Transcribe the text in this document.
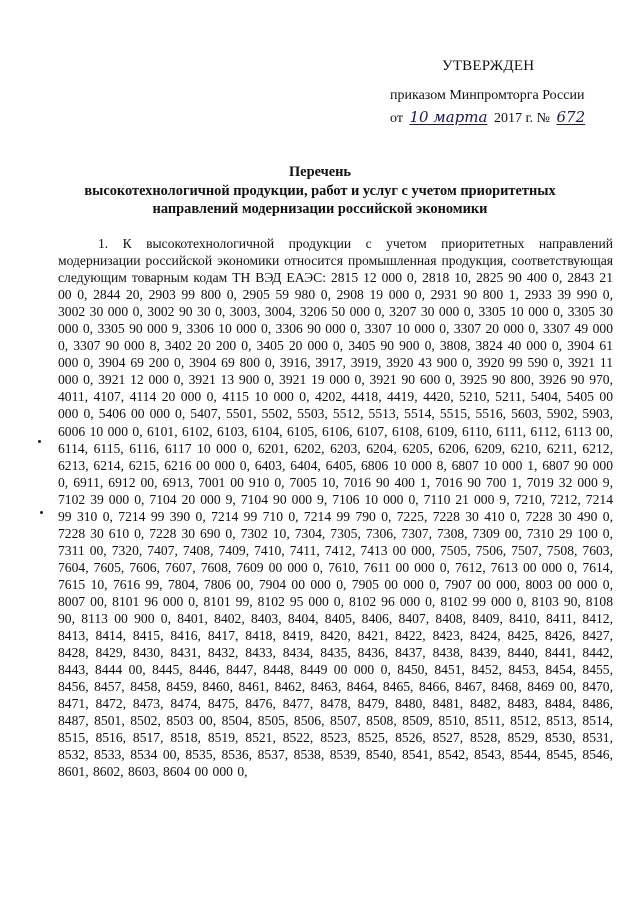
УТВЕРЖДЕН
приказом Минпромторга России
от 10 марта 2017 г. № 672
Перечень
высокотехнологичной продукции, работ и услуг с учетом приоритетных
направлений модернизации российской экономики
1. К высокотехнологичной продукции с учетом приоритетных направлений модернизации российской экономики относится промышленная продукция, соответствующая следующим товарным кодам ТН ВЭД ЕАЭС: 2815 12 000 0, 2818 10, 2825 90 400 0, 2843 21 00 0, 2844 20, 2903 99 800 0, 2905 59 980 0, 2908 19 000 0, 2931 90 800 1, 2933 39 990 0, 3002 30 000 0, 3002 90 30 0, 3003, 3004, 3206 50 000 0, 3207 30 000 0, 3305 10 000 0, 3305 30 000 0, 3305 90 000 9, 3306 10 000 0, 3306 90 000 0, 3307 10 000 0, 3307 20 000 0, 3307 49 000 0, 3307 90 000 8, 3402 20 200 0, 3405 20 000 0, 3405 90 900 0, 3808, 3824 40 000 0, 3904 61 000 0, 3904 69 200 0, 3904 69 800 0, 3916, 3917, 3919, 3920 43 900 0, 3920 99 590 0, 3921 11 000 0, 3921 12 000 0, 3921 13 900 0, 3921 19 000 0, 3921 90 600 0, 3925 90 800, 3926 90 970, 4011, 4107, 4114 20 000 0, 4115 10 000 0, 4202, 4418, 4419, 4420, 5210, 5211, 5404, 5405 00 000 0, 5406 00 000 0, 5407, 5501, 5502, 5503, 5512, 5513, 5514, 5515, 5516, 5603, 5902, 5903, 6006 10 000 0, 6101, 6102, 6103, 6104, 6105, 6106, 6107, 6108, 6109, 6110, 6111, 6112, 6113 00, 6114, 6115, 6116, 6117 10 000 0, 6201, 6202, 6203, 6204, 6205, 6206, 6209, 6210, 6211, 6212, 6213, 6214, 6215, 6216 00 000 0, 6403, 6404, 6405, 6806 10 000 8, 6807 10 000 1, 6807 90 000 0, 6911, 6912 00, 6913, 7001 00 910 0, 7005 10, 7016 90 400 1, 7016 90 700 1, 7019 32 000 9, 7102 39 000 0, 7104 20 000 9, 7104 90 000 9, 7106 10 000 0, 7110 21 000 9, 7210, 7212, 7214 99 310 0, 7214 99 390 0, 7214 99 710 0, 7214 99 790 0, 7225, 7228 30 410 0, 7228 30 490 0, 7228 30 610 0, 7228 30 690 0, 7302 10, 7304, 7305, 7306, 7307, 7308, 7309 00, 7310 29 100 0, 7311 00, 7320, 7407, 7408, 7409, 7410, 7411, 7412, 7413 00 000, 7505, 7506, 7507, 7508, 7603, 7604, 7605, 7606, 7607, 7608, 7609 00 000 0, 7610, 7611 00 000 0, 7612, 7613 00 000 0, 7614, 7615 10, 7616 99, 7804, 7806 00, 7904 00 000 0, 7905 00 000 0, 7907 00 000, 8003 00 000 0, 8007 00, 8101 96 000 0, 8101 99, 8102 95 000 0, 8102 96 000 0, 8102 99 000 0, 8103 90, 8108 90, 8113 00 900 0, 8401, 8402, 8403, 8404, 8405, 8406, 8407, 8408, 8409, 8410, 8411, 8412, 8413, 8414, 8415, 8416, 8417, 8418, 8419, 8420, 8421, 8422, 8423, 8424, 8425, 8426, 8427, 8428, 8429, 8430, 8431, 8432, 8433, 8434, 8435, 8436, 8437, 8438, 8439, 8440, 8441, 8442, 8443, 8444 00, 8445, 8446, 8447, 8448, 8449 00 000 0, 8450, 8451, 8452, 8453, 8454, 8455, 8456, 8457, 8458, 8459, 8460, 8461, 8462, 8463, 8464, 8465, 8466, 8467, 8468, 8469 00, 8470, 8471, 8472, 8473, 8474, 8475, 8476, 8477, 8478, 8479, 8480, 8481, 8482, 8483, 8484, 8486, 8487, 8501, 8502, 8503 00, 8504, 8505, 8506, 8507, 8508, 8509, 8510, 8511, 8512, 8513, 8514, 8515, 8516, 8517, 8518, 8519, 8521, 8522, 8523, 8525, 8526, 8527, 8528, 8529, 8530, 8531, 8532, 8533, 8534 00, 8535, 8536, 8537, 8538, 8539, 8540, 8541, 8542, 8543, 8544, 8545, 8546, 8601, 8602, 8603, 8604 00 000 0,
